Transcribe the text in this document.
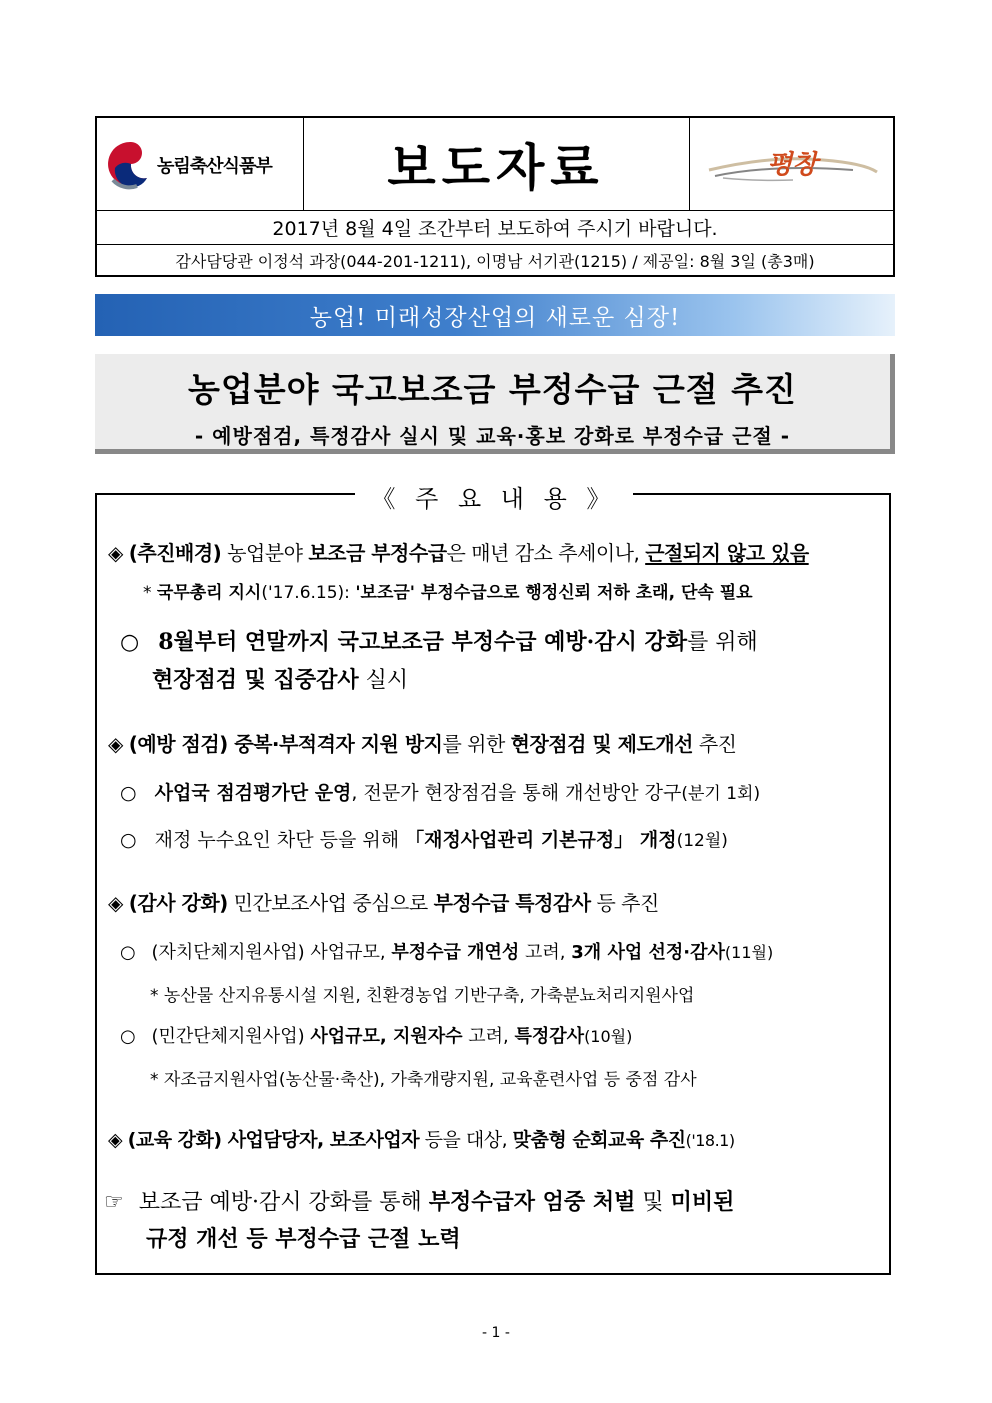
농림축산식품부	보도자료	평창
2017년 8월 4일 조간부터 보도하여 주시기 바랍니다.
감사담당관 이정석 과장(044-201-1211), 이명남 서기관(1215) / 제공일: 8월 3일 (총3매)
농업! 미래성장산업의 새로운 심장!
농업분야 국고보조금 부정수급 근절 추진
- 예방점검, 특정감사 실시 및 교육·홍보 강화로 부정수급 근절 -
《 주 요 내 용 》
◈ (추진배경) 농업분야 보조금 부정수급은 매년 감소 추세이나, 근절되지 않고 있음
* 국무총리 지시('17.6.15): '보조금' 부정수급으로 행정신뢰 저하 초래, 단속 필요
○ 8월부터 연말까지 국고보조금 부정수급 예방·감시 강화를 위해
현장점검 및 집중감사 실시
◈ (예방 점검) 중복·부적격자 지원 방지를 위한 현장점검 및 제도개선 추진
○ 사업국 점검평가단 운영, 전문가 현장점검을 통해 개선방안 강구(분기 1회)
○ 재정 누수요인 차단 등을 위해 「재정사업관리 기본규정」 개정(12월)
◈ (감사 강화) 민간보조사업 중심으로 부정수급 특정감사 등 추진
○ (자치단체지원사업) 사업규모, 부정수급 개연성 고려, 3개 사업 선정·감사(11월)
* 농산물 산지유통시설 지원, 친환경농업 기반구축, 가축분뇨처리지원사업
○ (민간단체지원사업) 사업규모, 지원자수 고려, 특정감사(10월)
* 자조금지원사업(농산물·축산), 가축개량지원, 교육훈련사업 등 중점 감사
◈ (교육 강화) 사업담당자, 보조사업자 등을 대상, 맞춤형 순회교육 추진('18.1)
☞ 보조금 예방·감시 강화를 통해 부정수급자 엄중 처벌 및 미비된
규정 개선 등 부정수급 근절 노력
- 1 -
